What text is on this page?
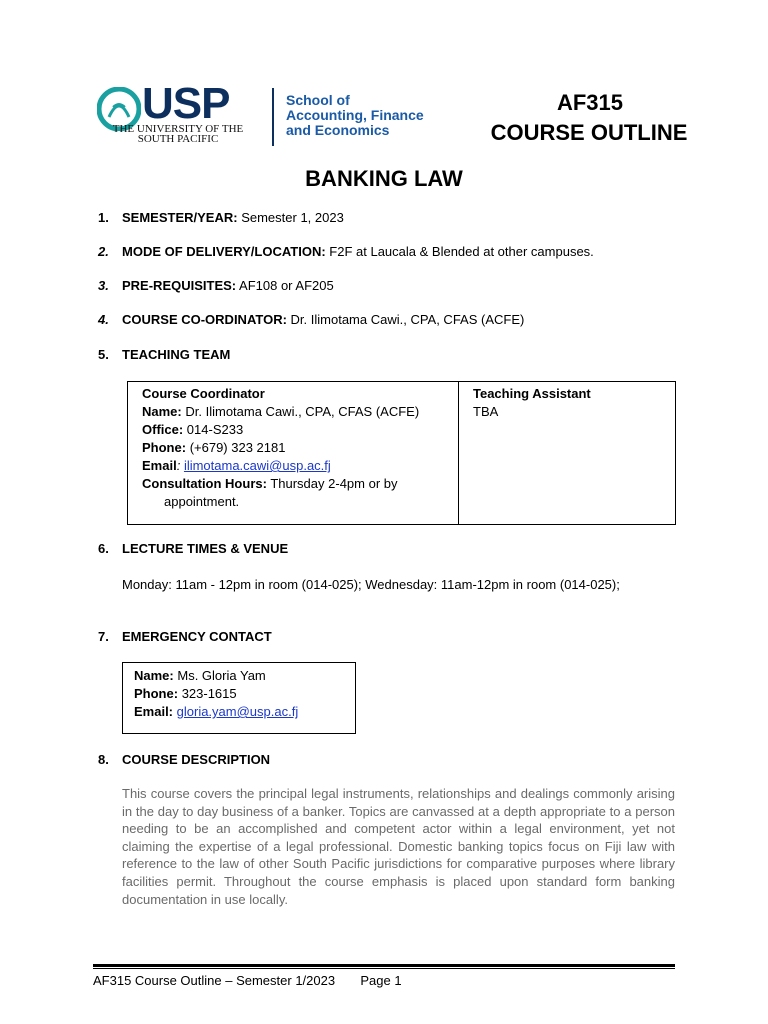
USP
THE UNIVERSITY OF THE
SOUTH PACIFIC
School of
Accounting, Finance
and Economics
AF315
COURSE OUTLINE
BANKING LAW
1.	SEMESTER/YEAR: Semester 1, 2023
2.	MODE OF DELIVERY/LOCATION: F2F at Laucala & Blended at other campuses.
3.	PRE-REQUISITES: AF108 or AF205
4.	COURSE CO-ORDINATOR: Dr. Ilimotama Cawi., CPA, CFAS (ACFE)
5.	TEACHING TEAM
Course Coordinator
Name: Dr. Ilimotama Cawi., CPA, CFAS (ACFE)
Office: 014-S233
Phone: (+679) 323 2181
Email: ilimotama.cawi@usp.ac.fj
Consultation Hours: Thursday 2-4pm or by
appointment.
Teaching Assistant
TBA
6.	LECTURE TIMES & VENUE
Monday: 11am - 12pm in room (014-025); Wednesday: 11am-12pm in room (014-025);
7.	EMERGENCY CONTACT
Name: Ms. Gloria Yam
Phone: 323-1615
Email: gloria.yam@usp.ac.fj
8.	COURSE DESCRIPTION
This course covers the principal legal instruments, relationships and dealings commonly arising in the day to day business of a banker. Topics are canvassed at a depth appropriate to a person needing to be an accomplished and competent actor within a legal environment, yet not claiming the expertise of a legal professional. Domestic banking topics focus on Fiji law with reference to the law of other South Pacific jurisdictions for comparative purposes where library facilities permit. Throughout the course emphasis is placed upon standard form banking documentation in use locally.
AF315 Course Outline – Semester 1/2023 Page 1
